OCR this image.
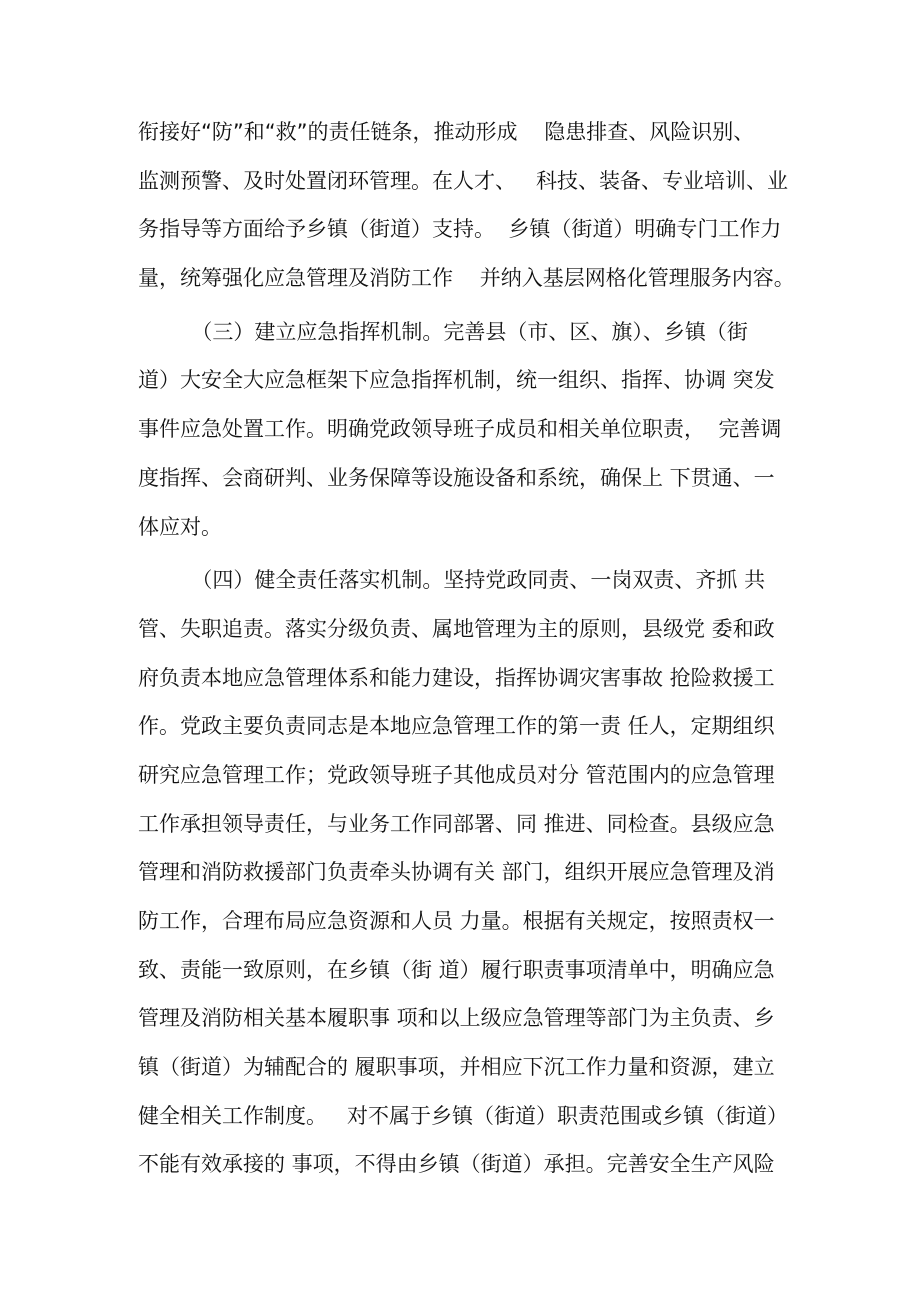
衔接好“防”和“救”的责任链条，推动形成    隐患排查、风险识别、
监测预警、及时处置闭环管理。在人才、   科技、装备、专业培训、业
务指导等方面给予乡镇（街道）支持。  乡镇（街道）明确专门工作力
量，统筹强化应急管理及消防工作    并纳入基层网格化管理服务内容。
（三）建立应急指挥机制。完善县（市、区、旗）、乡镇（街
道）大安全大应急框架下应急指挥机制，统一组织、指挥、协调 突发
事件应急处置工作。明确党政领导班子成员和相关单位职责，  完善调
度指挥、会商研判、业务保障等设施设备和系统，确保上 下贯通、一
体应对。
（四）健全责任落实机制。坚持党政同责、一岗双责、齐抓 共
管、失职追责。落实分级负责、属地管理为主的原则，县级党 委和政
府负责本地应急管理体系和能力建设，指挥协调灾害事故 抢险救援工
作。党政主要负责同志是本地应急管理工作的第一责 任人，定期组织
研究应急管理工作；党政领导班子其他成员对分 管范围内的应急管理
工作承担领导责任，与业务工作同部署、同 推进、同检查。县级应急
管理和消防救援部门负责牵头协调有关 部门，组织开展应急管理及消
防工作，合理布局应急资源和人员 力量。根据有关规定，按照责权一
致、责能一致原则，在乡镇（街 道）履行职责事项清单中，明确应急
管理及消防相关基本履职事 项和以上级应急管理等部门为主负责、乡
镇（街道）为辅配合的 履职事项，并相应下沉工作力量和资源，建立
健全相关工作制度。   对不属于乡镇（街道）职责范围或乡镇（街道）
不能有效承接的 事项，不得由乡镇（街道）承担。完善安全生产风险
